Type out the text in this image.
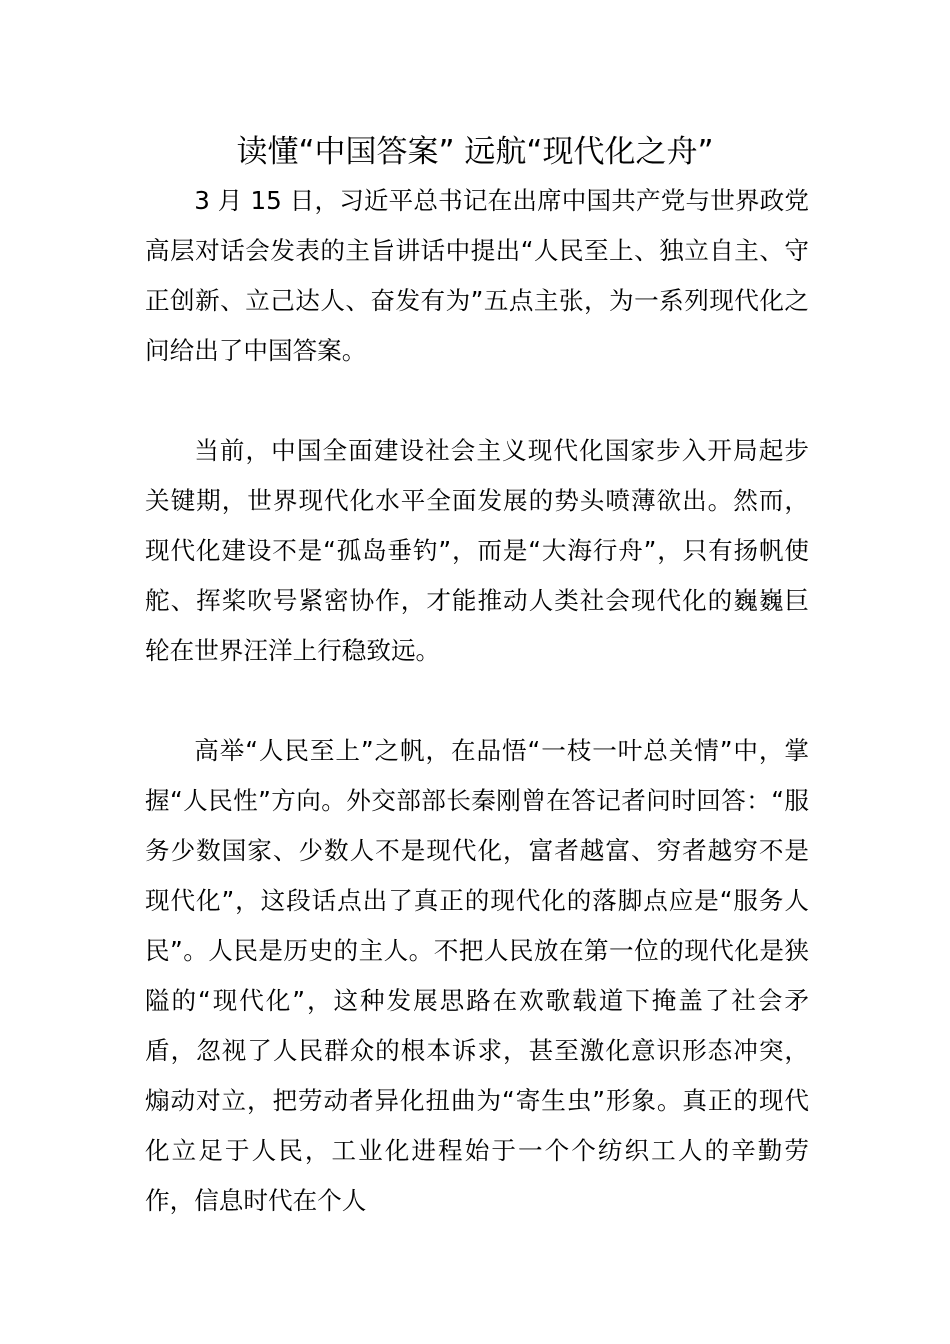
读懂“中国答案” 远航“现代化之舟”

3 月 15 日，习近平总书记在出席中国共产党与世界政党高层对话会发表的主旨讲话中提出“人民至上、独立自主、守正创新、立己达人、奋发有为”五点主张，为一系列现代化之问给出了中国答案。

当前，中国全面建设社会主义现代化国家步入开局起步关键期，世界现代化水平全面发展的势头喷薄欲出。然而，现代化建设不是“孤岛垂钓”，而是“大海行舟”，只有扬帆使舵、挥桨吹号紧密协作，才能推动人类社会现代化的巍巍巨轮在世界汪洋上行稳致远。

高举“人民至上”之帆，在品悟“一枝一叶总关情”中，掌握“人民性”方向。外交部部长秦刚曾在答记者问时回答：“服务少数国家、少数人不是现代化，富者越富、穷者越穷不是现代化”，这段话点出了真正的现代化的落脚点应是“服务人民”。人民是历史的主人。不把人民放在第一位的现代化是狭隘的“现代化”，这种发展思路在欢歌载道下掩盖了社会矛盾，忽视了人民群众的根本诉求，甚至激化意识形态冲突，煽动对立，把劳动者异化扭曲为“寄生虫”形象。真正的现代化立足于人民，工业化进程始于一个个纺织工人的辛勤劳作，信息时代在个人
